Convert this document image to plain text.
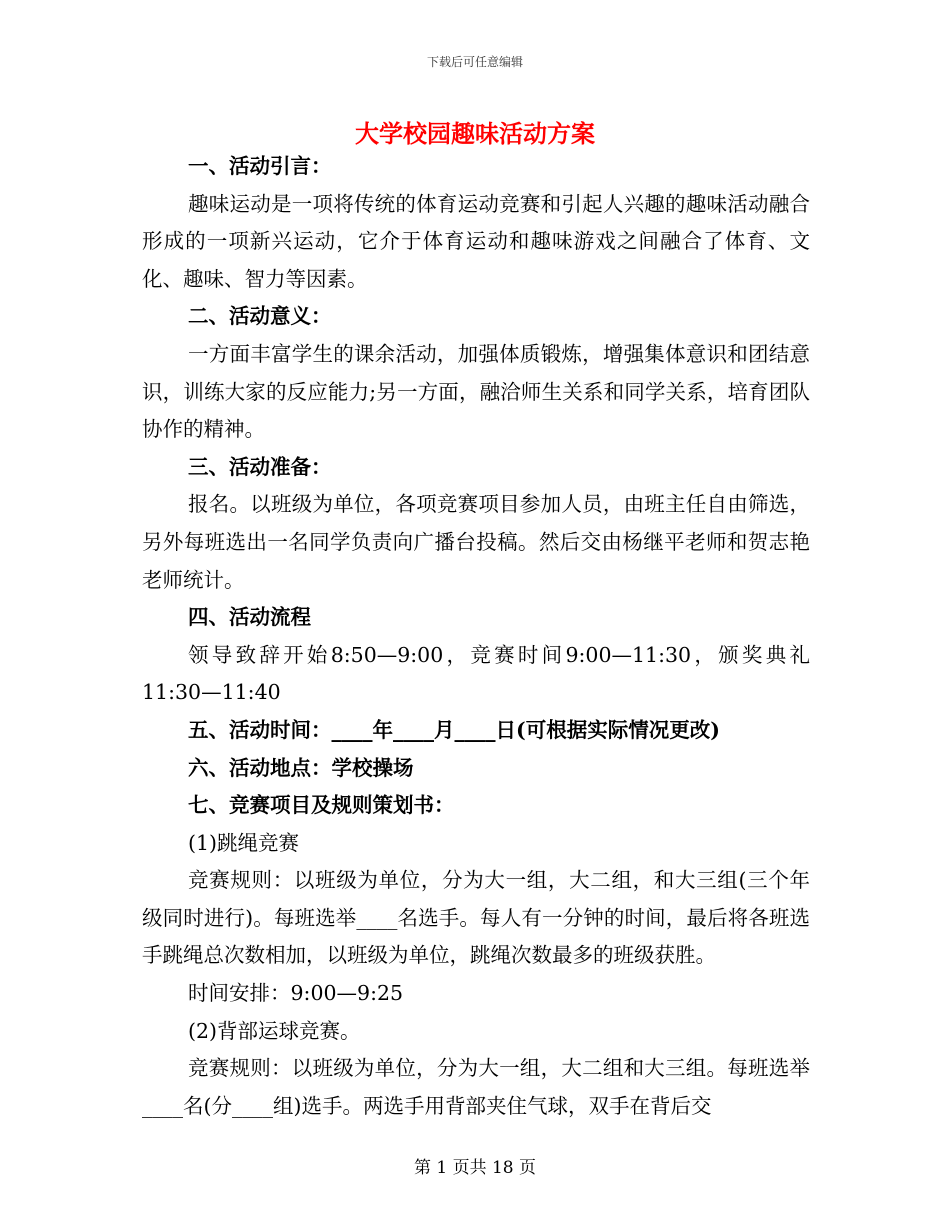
下载后可任意编辑
大学校园趣味活动方案

一、活动引言：

趣味运动是一项将传统的体育运动竞赛和引起人兴趣的趣味活动融合形成的一项新兴运动，它介于体育运动和趣味游戏之间融合了体育、文化、趣味、智力等因素。

二、活动意义：

一方面丰富学生的课余活动，加强体质锻炼，增强集体意识和团结意识，训练大家的反应能力;另一方面，融洽师生关系和同学关系，培育团队协作的精神。

三、活动准备：

报名。以班级为单位，各项竞赛项目参加人员，由班主任自由筛选，另外每班选出一名同学负责向广播台投稿。然后交由杨继平老师和贺志艳老师统计。

四、活动流程

领导致辞开始8:50—9:00，竞赛时间9:00—11:30，颁奖典礼11:30—11:40

五、活动时间：____年____月____日(可根据实际情况更改)

六、活动地点：学校操场

七、竞赛项目及规则策划书：

(1)跳绳竞赛

竞赛规则：以班级为单位，分为大一组，大二组，和大三组(三个年级同时进行)。每班选举____名选手。每人有一分钟的时间，最后将各班选手跳绳总次数相加，以班级为单位，跳绳次数最多的班级获胜。

时间安排：9:00—9:25

(2)背部运球竞赛。

竞赛规则：以班级为单位，分为大一组，大二组和大三组。每班选举____名(分____组)选手。两选手用背部夹住气球，双手在背后交

第 1 页共 18 页
